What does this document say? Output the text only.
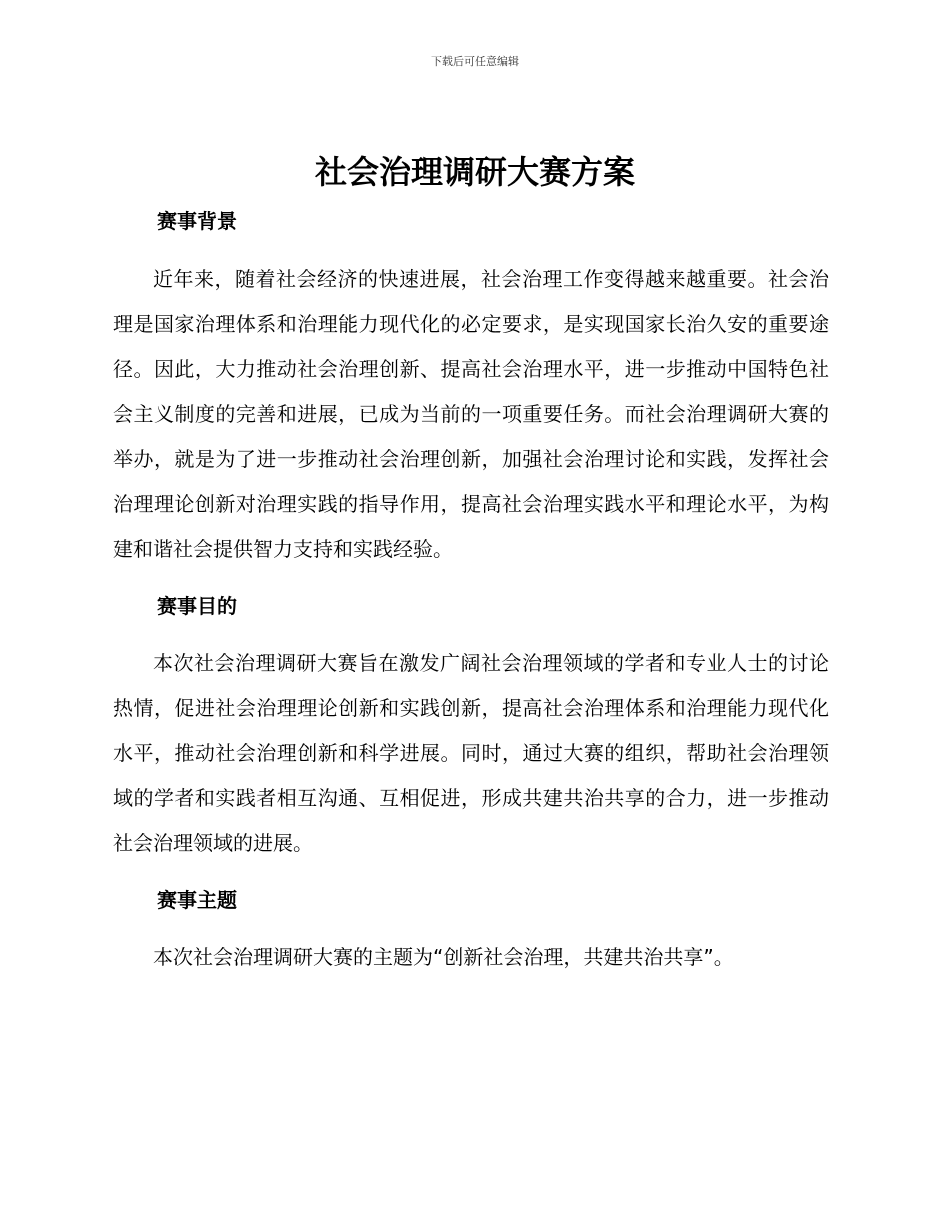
下载后可任意编辑
社会治理调研大赛方案
赛事背景

近年来，随着社会经济的快速进展，社会治理工作变得越来越重要。社会治理是国家治理体系和治理能力现代化的必定要求，是实现国家长治久安的重要途径。因此，大力推动社会治理创新、提高社会治理水平，进一步推动中国特色社会主义制度的完善和进展，已成为当前的一项重要任务。而社会治理调研大赛的举办，就是为了进一步推动社会治理创新，加强社会治理讨论和实践，发挥社会治理理论创新对治理实践的指导作用，提高社会治理实践水平和理论水平，为构建和谐社会提供智力支持和实践经验。

赛事目的

本次社会治理调研大赛旨在激发广阔社会治理领域的学者和专业人士的讨论热情，促进社会治理理论创新和实践创新，提高社会治理体系和治理能力现代化水平，推动社会治理创新和科学进展。同时，通过大赛的组织，帮助社会治理领域的学者和实践者相互沟通、互相促进，形成共建共治共享的合力，进一步推动社会治理领域的进展。

赛事主题

本次社会治理调研大赛的主题为“创新社会治理，共建共治共享”。
